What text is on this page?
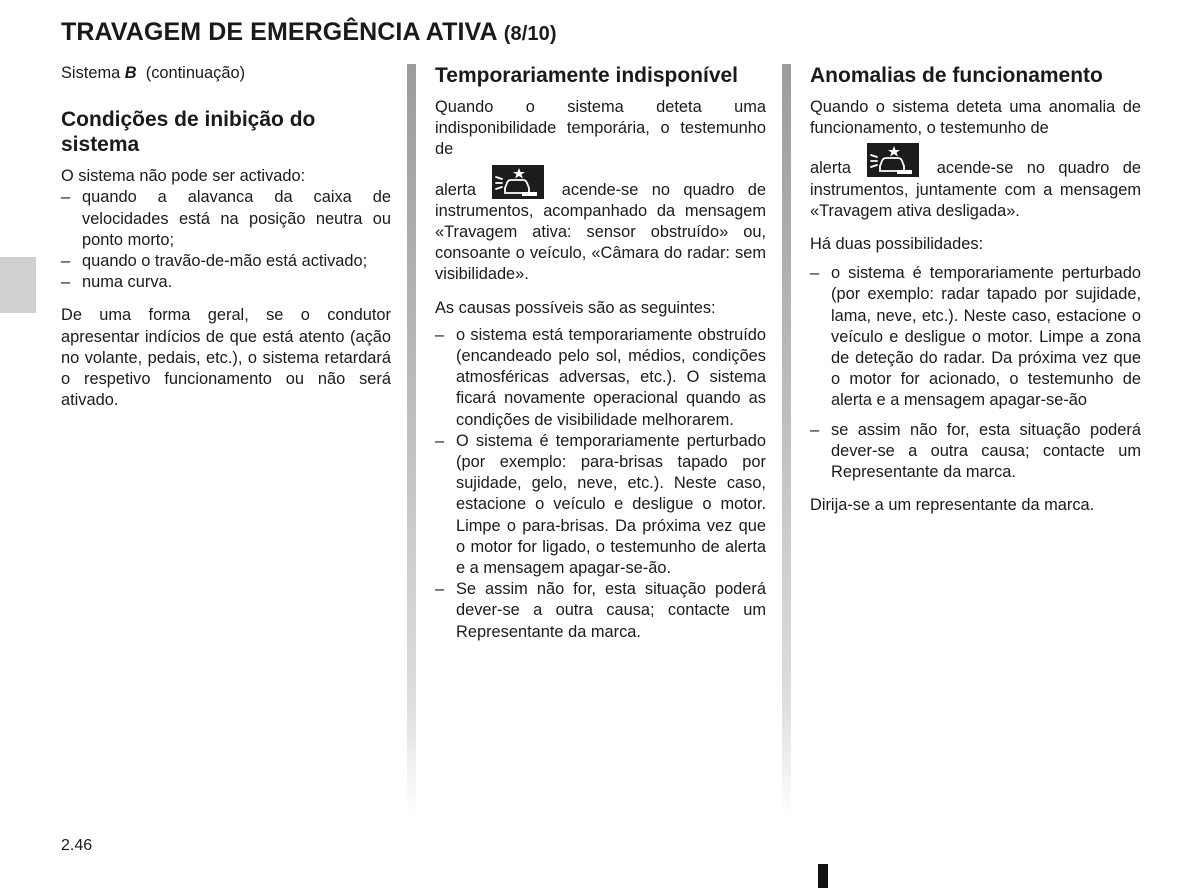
TRAVAGEM DE EMERGÊNCIA ATIVA (8/10)

Sistema B (continuação)

Condições de inibição do sistema

O sistema não pode ser activado:

– quando a alavanca da caixa de velocidades está na posição neutra ou ponto morto;
– quando o travão-de-mão está activado;
– numa curva.

De uma forma geral, se o condutor apresentar indícios de que está atento (ação no volante, pedais, etc.), o sistema retardará o respetivo funcionamento ou não será ativado.

Temporariamente indisponível

Quando o sistema deteta uma indisponibilidade temporária, o testemunho de

alerta	acende-se no quadro de instrumentos, acompanhado da mensagem «Travagem ativa: sensor obstruído» ou, consoante o veículo, «Câmara do radar: sem visibilidade».

As causas possíveis são as seguintes:

– o sistema está temporariamente obstruído (encandeado pelo sol, médios, condições atmosféricas adversas, etc.). O sistema ficará novamente operacional quando as condições de visibilidade melhorarem.
– O sistema é temporariamente perturbado (por exemplo: para-brisas tapado por sujidade, gelo, neve, etc.). Neste caso, estacione o veículo e desligue o motor. Limpe o para-brisas. Da próxima vez que o motor for ligado, o testemunho de alerta e a mensagem apagar-se-ão.
– Se assim não for, esta situação poderá dever-se a outra causa; contacte um Representante da marca.
Anomalias de funcionamento

Quando o sistema deteta uma anomalia de funcionamento, o testemunho de

alerta	acende-se no quadro de instrumentos, juntamente com a mensagem «Travagem ativa desligada».

Há duas possibilidades:

– o sistema é temporariamente perturbado (por exemplo: radar tapado por sujidade, lama, neve, etc.). Neste caso, estacione o veículo e desligue o motor. Limpe a zona de deteção do radar. Da próxima vez que o motor for acionado, o testemunho de alerta e a mensagem apagar-se-ão
– se assim não for, esta situação poderá dever-se a outra causa; contacte um Representante da marca.

Dirija-se a um representante da marca.

2.46
